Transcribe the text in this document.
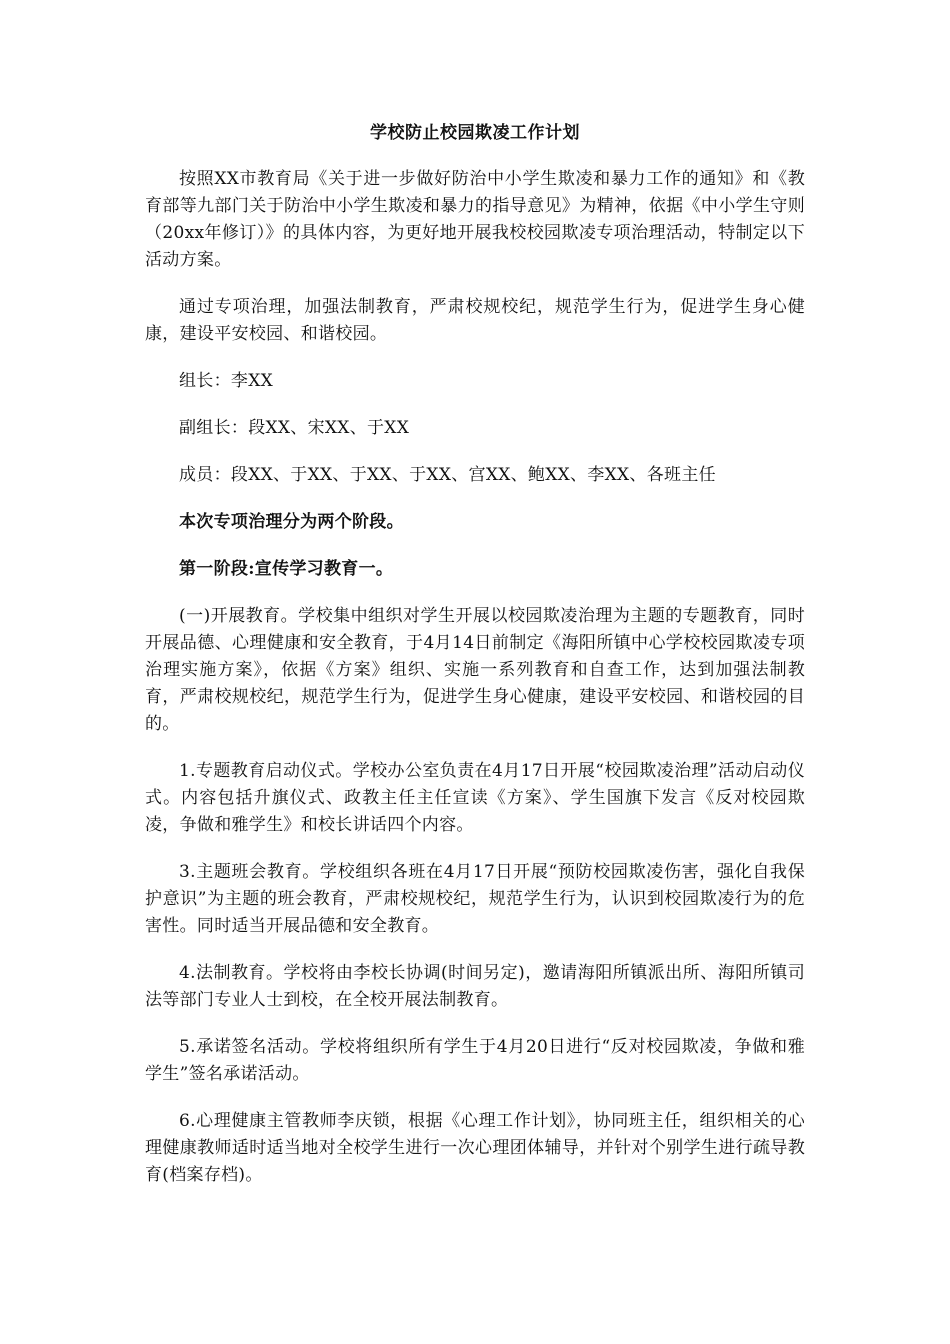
学校防止校园欺凌工作计划

按照XX市教育局《关于进一步做好防治中小学生欺凌和暴力工作的通知》和《教育部等九部门关于防治中小学生欺凌和暴力的指导意见》为精神，依据《中小学生守则（20xx年修订）》的具体内容，为更好地开展我校校园欺凌专项治理活动，特制定以下活动方案。

通过专项治理，加强法制教育，严肃校规校纪，规范学生行为，促进学生身心健康，建设平安校园、和谐校园。

组长：李XX

副组长：段XX、宋XX、于XX

成员：段XX、于XX、于XX、于XX、宫XX、鲍XX、李XX、各班主任

本次专项治理分为两个阶段。

第一阶段:宣传学习教育一。

(一)开展教育。学校集中组织对学生开展以校园欺凌治理为主题的专题教育，同时开展品德、心理健康和安全教育，于4月14日前制定《海阳所镇中心学校校园欺凌专项治理实施方案》，依据《方案》组织、实施一系列教育和自查工作，达到加强法制教育，严肃校规校纪，规范学生行为，促进学生身心健康，建设平安校园、和谐校园的目的。

1.专题教育启动仪式。学校办公室负责在4月17日开展“校园欺凌治理”活动启动仪式。内容包括升旗仪式、政教主任主任宣读《方案》、学生国旗下发言《反对校园欺凌，争做和雅学生》和校长讲话四个内容。

3.主题班会教育。学校组织各班在4月17日开展“预防校园欺凌伤害，强化自我保护意识”为主题的班会教育，严肃校规校纪，规范学生行为，认识到校园欺凌行为的危害性。同时适当开展品德和安全教育。

4.法制教育。学校将由李校长协调(时间另定)，邀请海阳所镇派出所、海阳所镇司法等部门专业人士到校，在全校开展法制教育。

5.承诺签名活动。学校将组织所有学生于4月20日进行“反对校园欺凌，争做和雅学生”签名承诺活动。

6.心理健康主管教师李庆锁，根据《心理工作计划》，协同班主任，组织相关的心理健康教师适时适当地对全校学生进行一次心理团体辅导，并针对个别学生进行疏导教育(档案存档)。
